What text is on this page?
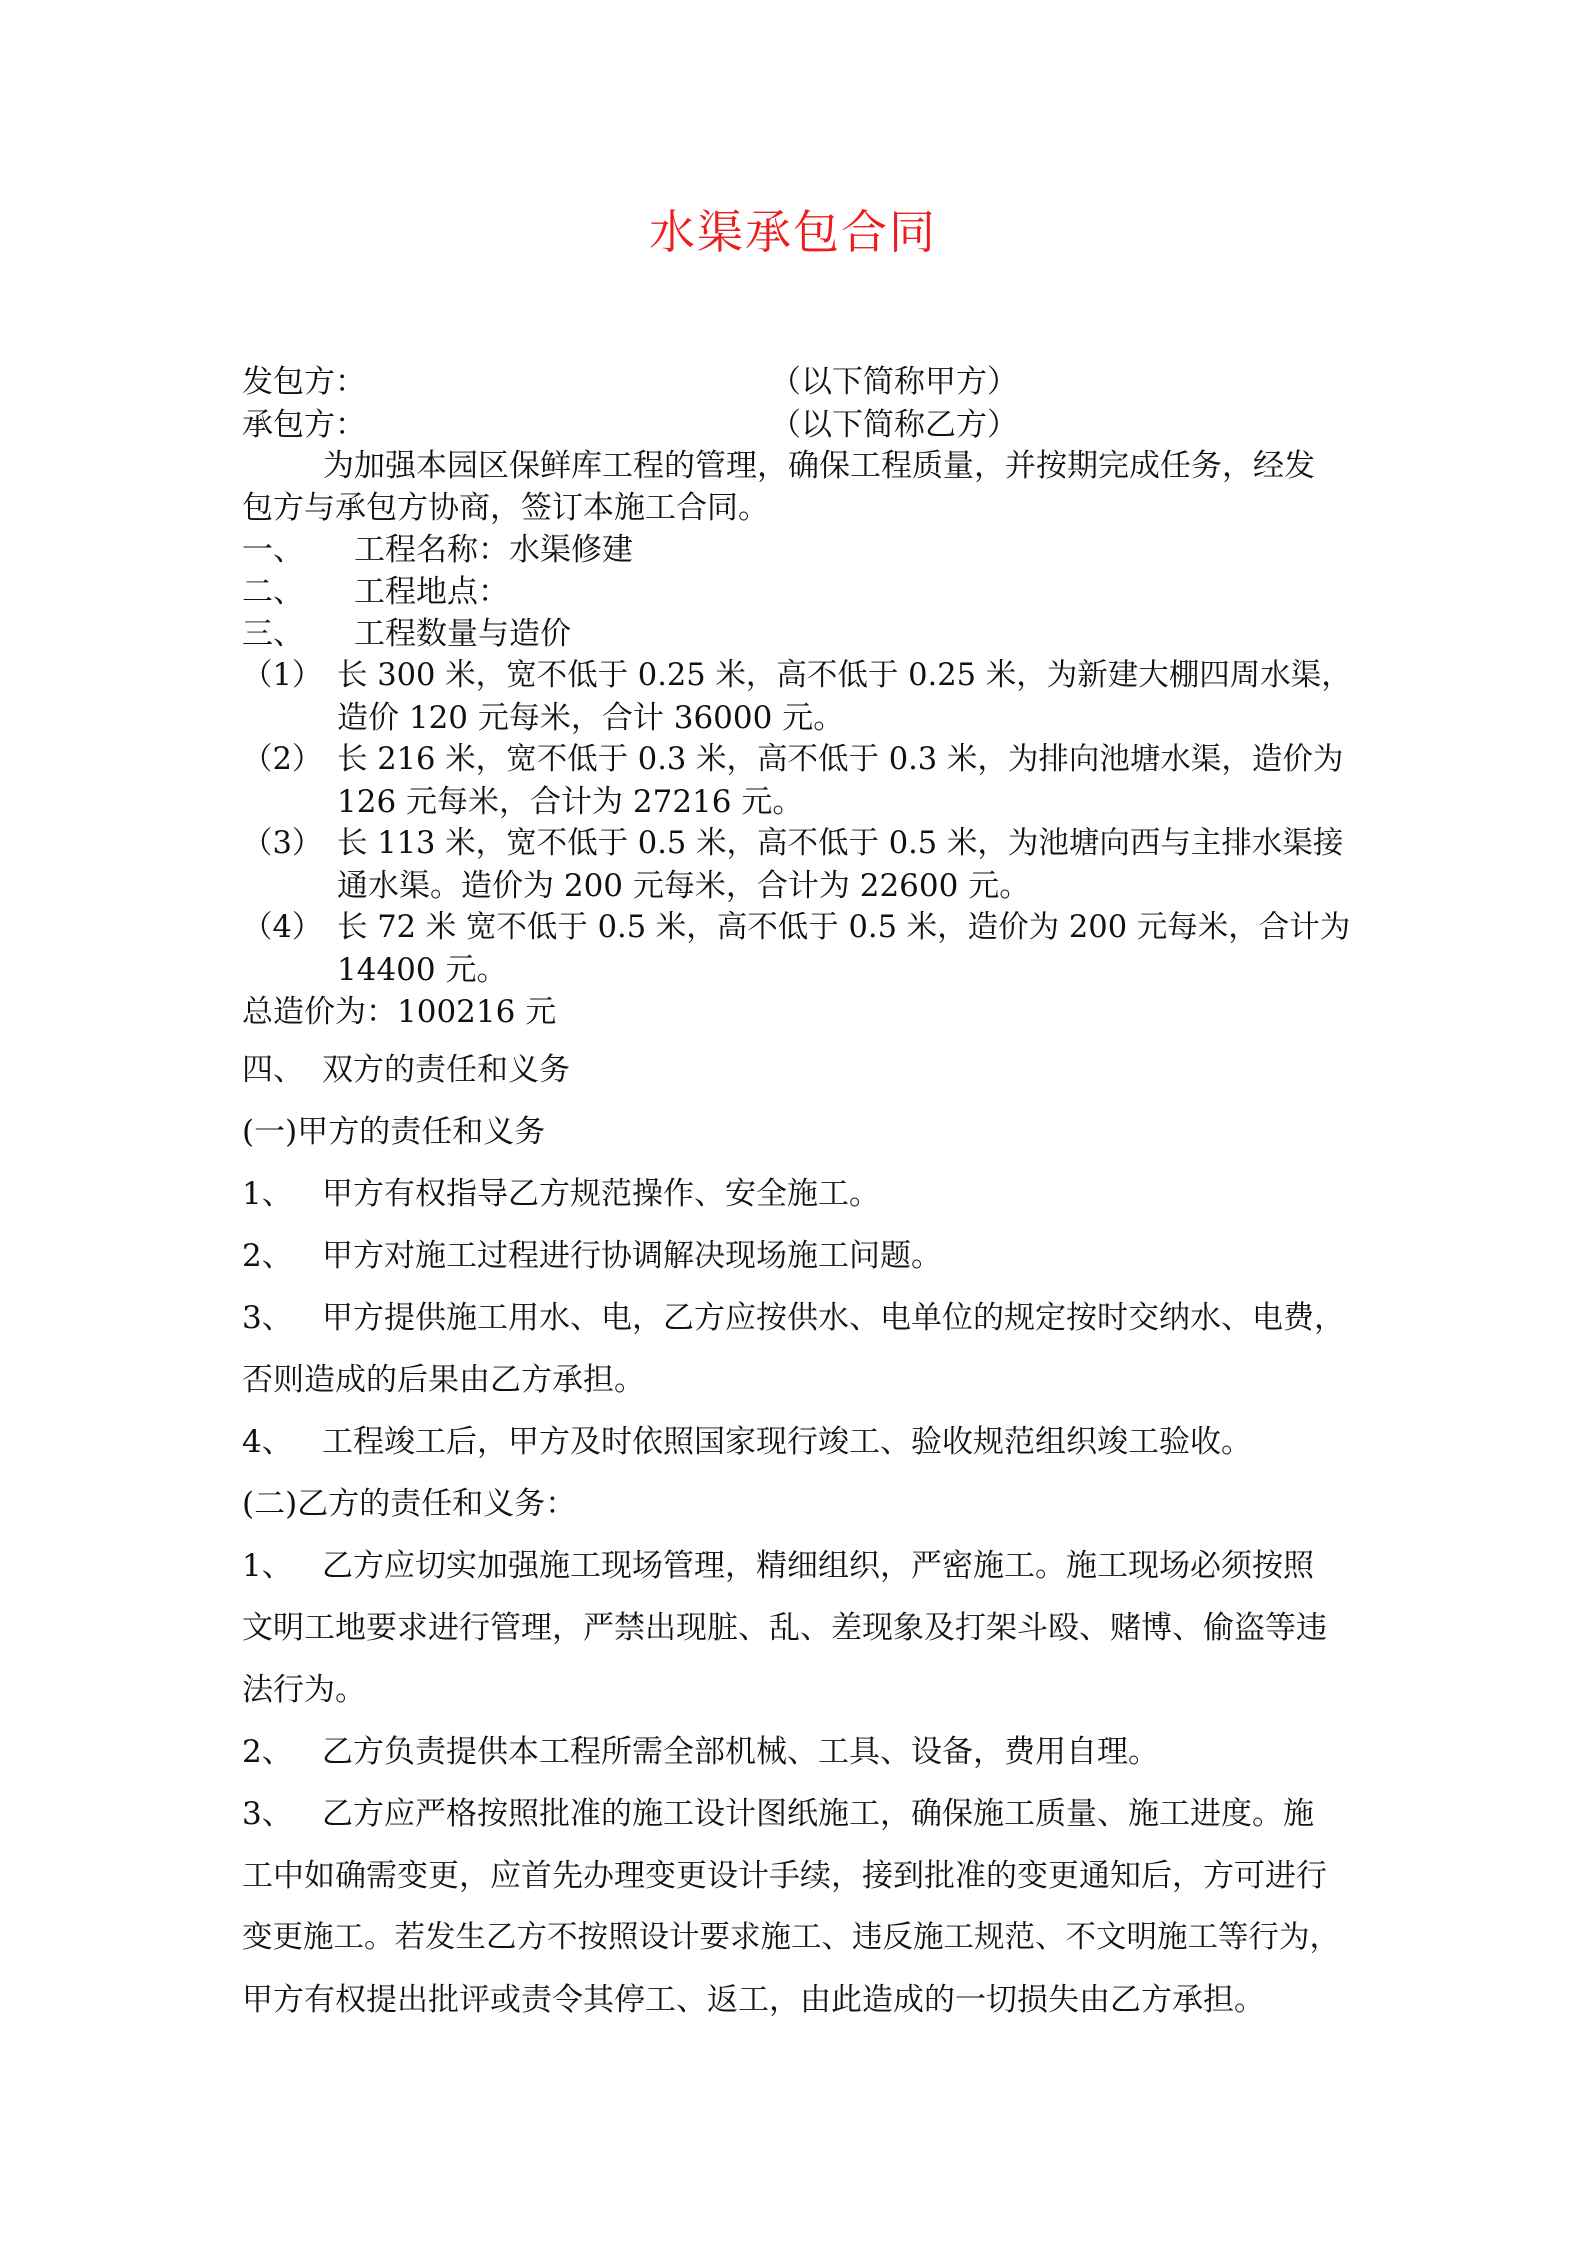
水渠承包合同
发包方：	（以下简称甲方）
承包方：	（以下简称乙方）
为加强本园区保鲜库工程的管理，确保工程质量，并按期完成任务，经发
包方与承包方协商，签订本施工合同。
一、 工程名称：水渠修建
二、 工程地点：
三、 工程数量与造价
（1） 长 300 米，宽不低于 0.25 米，高不低于 0.25 米，为新建大棚四周水渠，
造价 120 元每米，合计 36000 元。
（2） 长 216 米，宽不低于 0.3 米，高不低于 0.3 米，为排向池塘水渠，造价为
126 元每米，合计为 27216 元。
（3） 长 113 米，宽不低于 0.5 米，高不低于 0.5 米，为池塘向西与主排水渠接
通水渠。造价为 200 元每米，合计为 22600 元。
（4） 长 72 米 宽不低于 0.5 米，高不低于 0.5 米，造价为 200 元每米，合计为
14400 元。
总造价为：100216 元
四、 双方的责任和义务
(一)甲方的责任和义务
1、 甲方有权指导乙方规范操作、安全施工。
2、 甲方对施工过程进行协调解决现场施工问题。
3、 甲方提供施工用水、电，乙方应按供水、电单位的规定按时交纳水、电费，
否则造成的后果由乙方承担。
4、 工程竣工后，甲方及时依照国家现行竣工、验收规范组织竣工验收。
(二)乙方的责任和义务：
1、 乙方应切实加强施工现场管理，精细组织，严密施工。施工现场必须按照
文明工地要求进行管理，严禁出现脏、乱、差现象及打架斗殴、赌博、偷盗等违
法行为。
2、 乙方负责提供本工程所需全部机械、工具、设备，费用自理。
3、 乙方应严格按照批准的施工设计图纸施工，确保施工质量、施工进度。施
工中如确需变更，应首先办理变更设计手续，接到批准的变更通知后，方可进行
变更施工。若发生乙方不按照设计要求施工、违反施工规范、不文明施工等行为，
甲方有权提出批评或责令其停工、返工，由此造成的一切损失由乙方承担。
